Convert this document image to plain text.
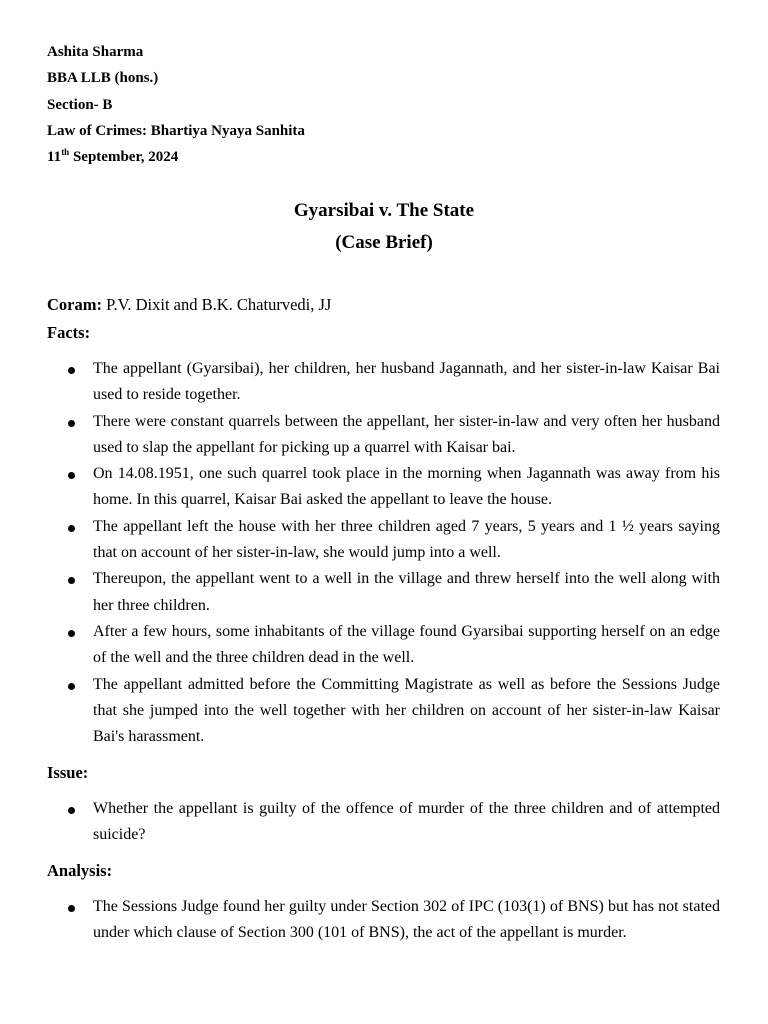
Ashita Sharma
BBA LLB (hons.)
Section- B
Law of Crimes: Bhartiya Nyaya Sanhita
11th September, 2024
Gyarsibai v. The State
(Case Brief)
Coram: P.V. Dixit and B.K. Chaturvedi, JJ
Facts:
The appellant (Gyarsibai), her children, her husband Jagannath, and her sister-in-law Kaisar Bai used to reside together.
There were constant quarrels between the appellant, her sister-in-law and very often her husband used to slap the appellant for picking up a quarrel with Kaisar bai.
On 14.08.1951, one such quarrel took place in the morning when Jagannath was away from his home. In this quarrel, Kaisar Bai asked the appellant to leave the house.
The appellant left the house with her three children aged 7 years, 5 years and 1 ½ years saying that on account of her sister-in-law, she would jump into a well.
Thereupon, the appellant went to a well in the village and threw herself into the well along with her three children.
After a few hours, some inhabitants of the village found Gyarsibai supporting herself on an edge of the well and the three children dead in the well.
The appellant admitted before the Committing Magistrate as well as before the Sessions Judge that she jumped into the well together with her children on account of her sister-in-law Kaisar Bai's harassment.
Issue:
Whether the appellant is guilty of the offence of murder of the three children and of attempted suicide?
Analysis:
The Sessions Judge found her guilty under Section 302 of IPC (103(1) of BNS) but has not stated under which clause of Section 300 (101 of BNS), the act of the appellant is murder.
